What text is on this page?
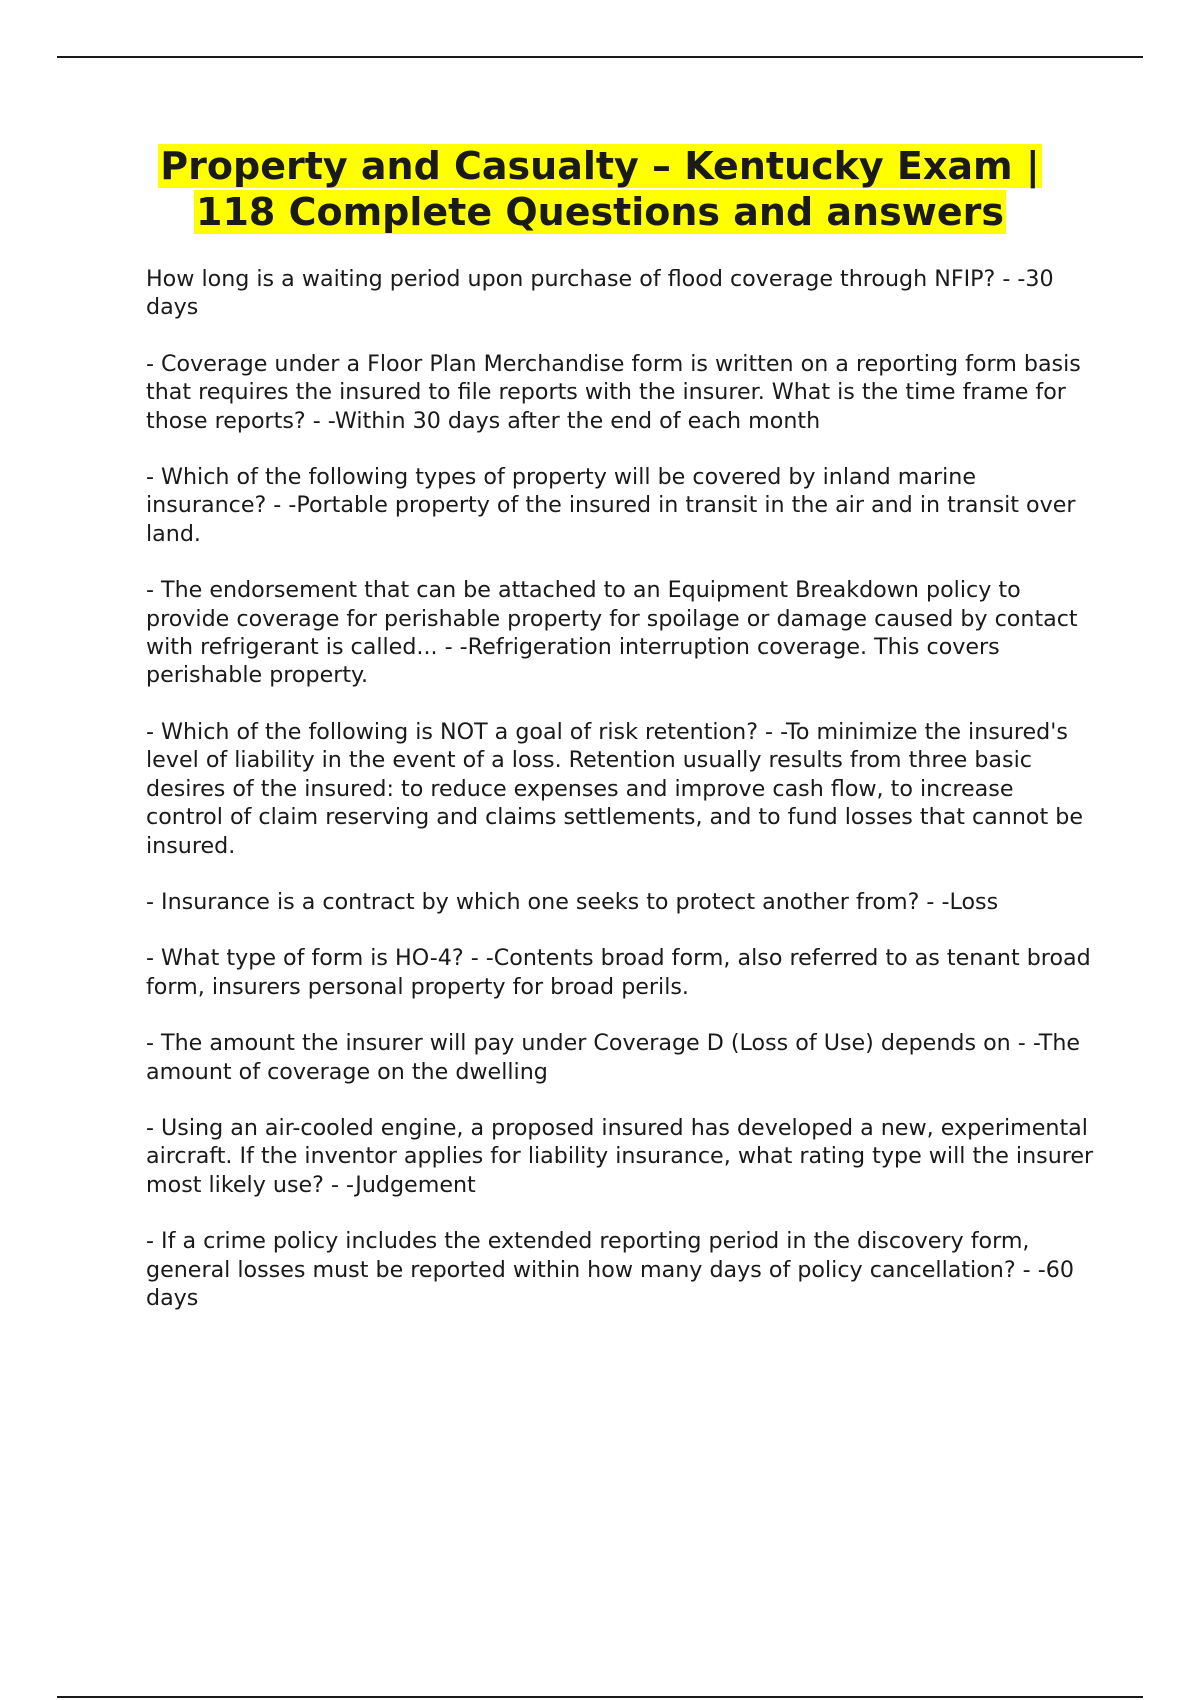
Property and Casualty – Kentucky Exam |
118 Complete Questions and answers

How long is a waiting period upon purchase of flood coverage through NFIP? - -30 days

- Coverage under a Floor Plan Merchandise form is written on a reporting form basis that requires the insured to file reports with the insurer. What is the time frame for those reports? - -Within 30 days after the end of each month

- Which of the following types of property will be covered by inland marine insurance? - -Portable property of the insured in transit in the air and in transit over land.

- The endorsement that can be attached to an Equipment Breakdown policy to provide coverage for perishable property for spoilage or damage caused by contact with refrigerant is called... - -Refrigeration interruption coverage. This covers perishable property.

- Which of the following is NOT a goal of risk retention? - -To minimize the insured's level of liability in the event of a loss. Retention usually results from three basic desires of the insured: to reduce expenses and improve cash flow, to increase control of claim reserving and claims settlements, and to fund losses that cannot be insured.

- Insurance is a contract by which one seeks to protect another from? - -Loss

- What type of form is HO-4? - -Contents broad form, also referred to as tenant broad form, insurers personal property for broad perils.

- The amount the insurer will pay under Coverage D (Loss of Use) depends on - -The amount of coverage on the dwelling

- Using an air-cooled engine, a proposed insured has developed a new, experimental aircraft. If the inventor applies for liability insurance, what rating type will the insurer most likely use? - -Judgement

- If a crime policy includes the extended reporting period in the discovery form, general losses must be reported within how many days of policy cancellation? - -60 days
